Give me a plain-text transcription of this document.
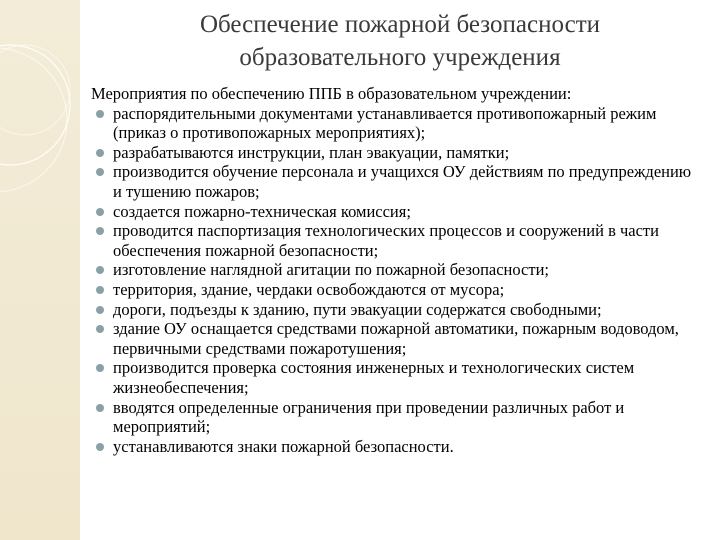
Обеспечение пожарной безопасности
образовательного учреждения

Мероприятия по обеспечению ППБ в образовательном учреждении:

распорядительными документами устанавливается противопожарный режим (приказ о противопожарных мероприятиях);
разрабатываются инструкции, план эвакуации, памятки;
производится обучение персонала и учащихся ОУ действиям по предупреждению и тушению пожаров;
создается пожарно-техническая комиссия;
проводится паспортизация технологических процессов и сооружений в части обеспечения пожарной безопасности;
изготовление наглядной агитации по пожарной безопасности;
территория, здание, чердаки освобождаются от мусора;
дороги, подъезды к зданию, пути эвакуации содержатся свободными;
здание ОУ оснащается средствами пожарной автоматики, пожарным водоводом, первичными средствами пожаротушения;
производится проверка состояния инженерных и технологических систем жизнеобеспечения;
вводятся определенные ограничения при проведении различных работ и мероприятий;
устанавливаются знаки пожарной безопасности.
